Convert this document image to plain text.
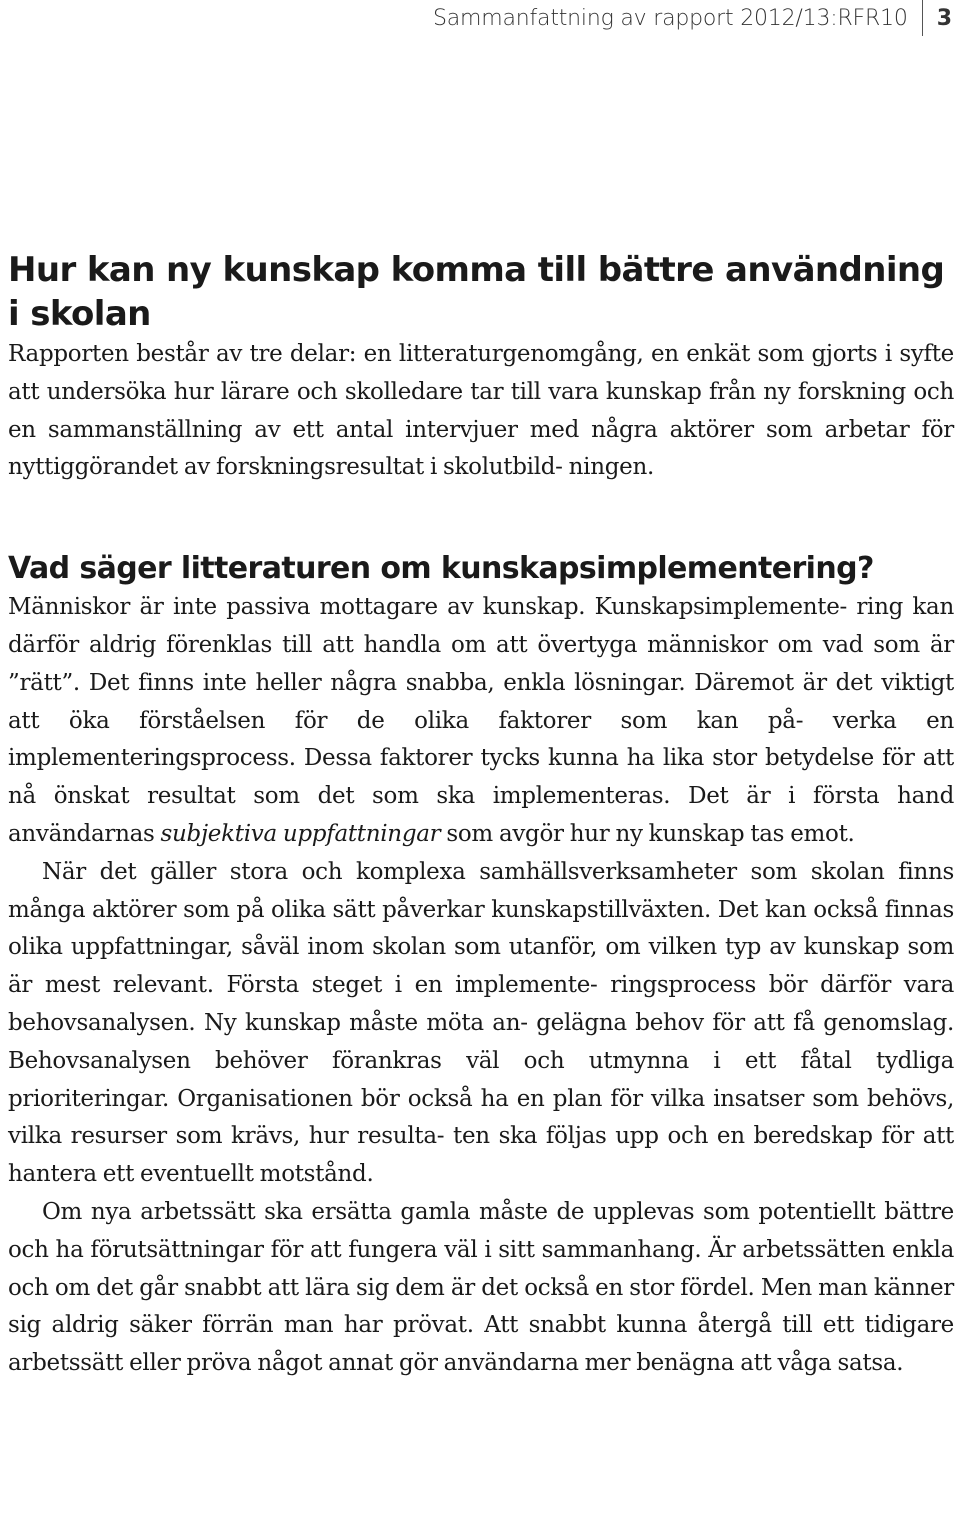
Sammanfattning av rapport 2012/13:RFR10	3
Hur kan ny kunskap komma till bättre användning i skolan

Rapporten består av tre delar: en litteraturgenomgång, en enkät som gjorts i syfte att undersöka hur lärare och skolledare tar till vara kunskap från ny forskning och en sammanställning av ett antal intervjuer med några aktörer som arbetar för nyttiggörandet av forskningsresultat i skolutbild- ningen.

Vad säger litteraturen om kunskapsimplementering?

Människor är inte passiva mottagare av kunskap. Kunskapsimplemente- ring kan därför aldrig förenklas till att handla om att övertyga människor om vad som är ”rätt”. Det finns inte heller några snabba, enkla lösningar. Däremot är det viktigt att öka förståelsen för de olika faktorer som kan på- verka en implementeringsprocess. Dessa faktorer tycks kunna ha lika stor betydelse för att nå önskat resultat som det som ska implementeras. Det är i första hand användarnas subjektiva uppfattningar som avgör hur ny kunskap tas emot.

När det gäller stora och komplexa samhällsverksamheter som skolan finns många aktörer som på olika sätt påverkar kunskapstillväxten. Det kan också finnas olika uppfattningar, såväl inom skolan som utanför, om vilken typ av kunskap som är mest relevant. Första steget i en implemente- ringsprocess bör därför vara behovsanalysen. Ny kunskap måste möta an- gelägna behov för att få genomslag. Behovsanalysen behöver förankras väl och utmynna i ett fåtal tydliga prioriteringar. Organisationen bör också ha en plan för vilka insatser som behövs, vilka resurser som krävs, hur resulta- ten ska följas upp och en beredskap för att hantera ett eventuellt motstånd.

Om nya arbetssätt ska ersätta gamla måste de upplevas som potentiellt bättre och ha förutsättningar för att fungera väl i sitt sammanhang. Är arbetssätten enkla och om det går snabbt att lära sig dem är det också en stor fördel. Men man känner sig aldrig säker förrän man har prövat. Att snabbt kunna återgå till ett tidigare arbetssätt eller pröva något annat gör användarna mer benägna att våga satsa.
